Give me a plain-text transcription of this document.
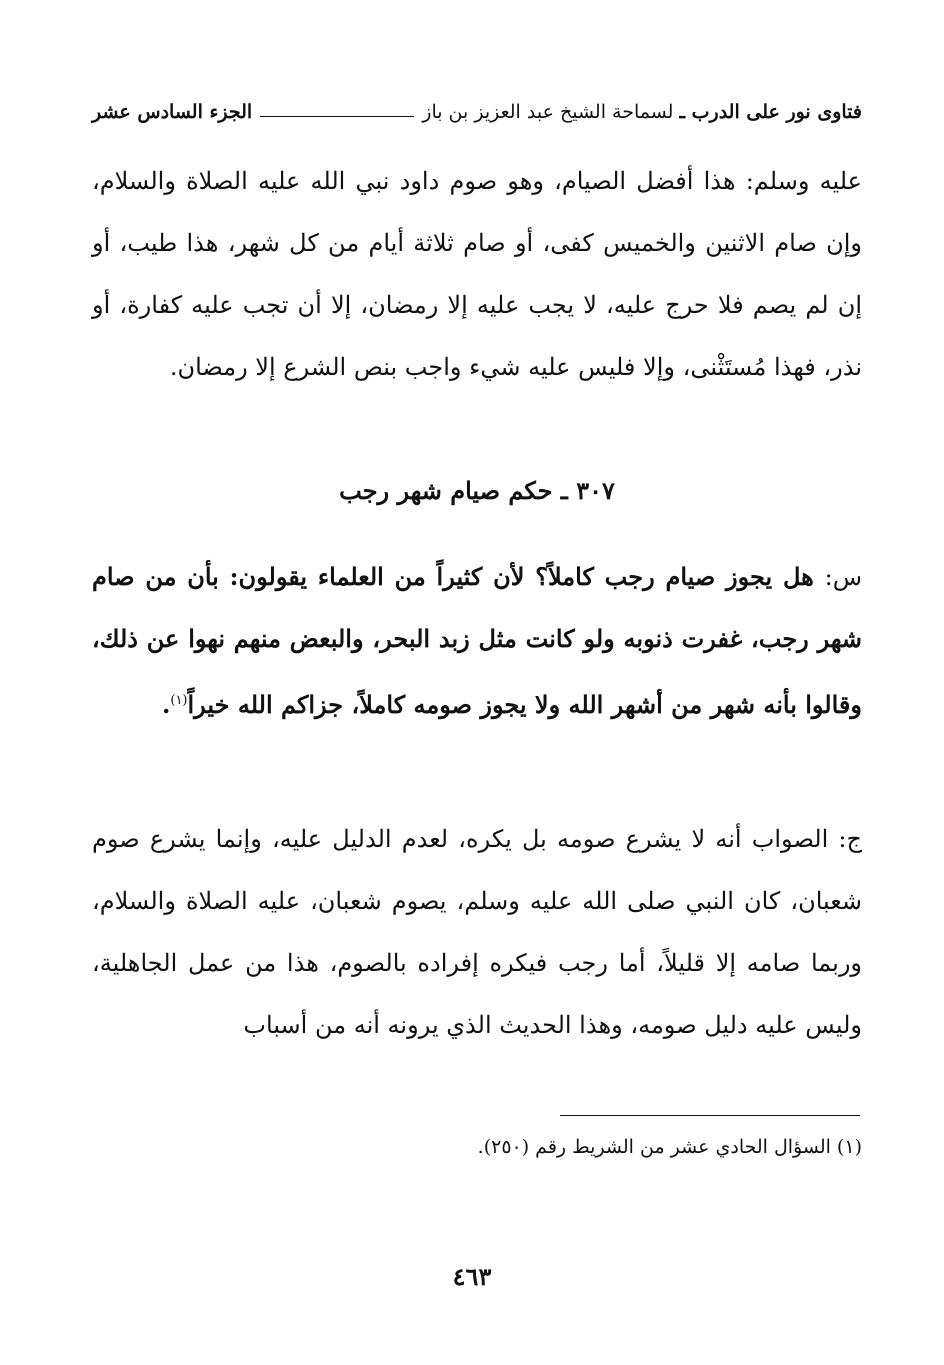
فتاوى نور على الدرب ـ
لسماحة الشيخ عبد العزيز بن باز
الجزء السادس عشر

عليه وسلم: هذا أفضل الصيام، وهو صوم داود نبي الله عليه الصلاة والسلام، وإن صام الاثنين والخميس كفى، أو صام ثلاثة أيام من كل شهر، هذا طيب، أو إن لم يصم فلا حرج عليه، لا يجب عليه إلا رمضان، إلا أن تجب عليه كفارة، أو نذر، فهذا مُستَثْنى، وإلا فليس عليه شيء واجب بنص الشرع إلا رمضان.

٣٠٧ ـ حكم صيام شهر رجب

س: هل يجوز صيام رجب كاملاً؟ لأن كثيراً من العلماء يقولون: بأن من صام شهر رجب، غفرت ذنوبه ولو كانت مثل زبد البحر، والبعض منهم نهوا عن ذلك، وقالوا بأنه شهر من أشهر الله ولا يجوز صومه كاملاً، جزاكم الله خيراً$^{(١)}$.

ج: الصواب أنه لا يشرع صومه بل يكره، لعدم الدليل عليه، وإنما يشرع صوم شعبان، كان النبي صلى الله عليه وسلم، يصوم شعبان، عليه الصلاة والسلام، وربما صامه إلا قليلاً، أما رجب فيكره إفراده بالصوم، هذا من عمل الجاهلية، وليس عليه دليل صومه، وهذا الحديث الذي يرونه أنه من أسباب

(١) السؤال الحادي عشر من الشريط رقم (٢٥٠).
٤٦٣
